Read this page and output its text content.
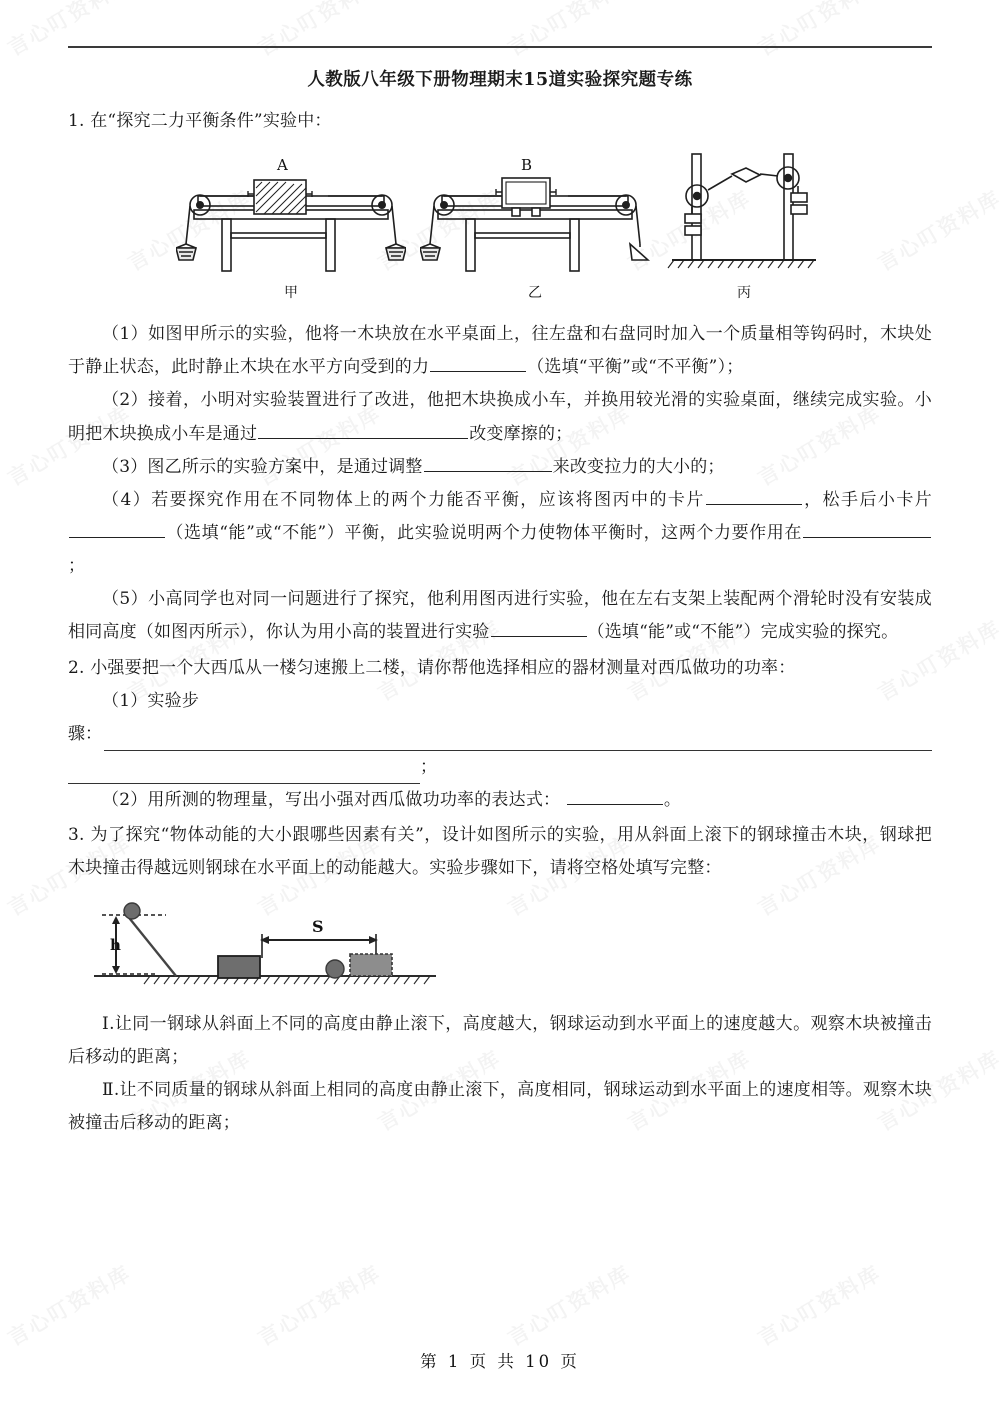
人教版八年级下册物理期末15道实验探究题专练

1. 在“探究二力平衡条件”实验中：

A
甲
B
乙	丙

（1）如图甲所示的实验，他将一木块放在水平桌面上，往左盘和右盘同时加入一个质量相等钩码时，木块处于静止状态，此时静止木块在水平方向受到的力	（选填“平衡”或“不平衡”）；

（2）接着，小明对实验装置进行了改进，他把木块换成小车，并换用较光滑的实验桌面，继续完成实验。小明把木块换成小车是通过	改变摩擦的；

（3）图乙所示的实验方案中，是通过调整	来改变拉力的大小的；

（4）若要探究作用在不同物体上的两个力能否平衡，应该将图丙中的卡片	，松手后小卡片（选填“能”或“不能”）平衡，此实验说明两个力使物体平衡时，这两个力要作用在；

（5）小高同学也对同一问题进行了探究，他利用图丙进行实验，他在左右支架上装配两个滑轮时没有安装成相同高度（如图丙所示），你认为用小高的装置进行实验	（选填“能”或“不能”）完成实验的探究。

2. 小强要把一个大西瓜从一楼匀速搬上二楼，请你帮他选择相应的器材测量对西瓜做功的功率：

（1）实验步

骤：
；

（2）用所测的物理量，写出小强对西瓜做功功率的表达式：	。

3. 为了探究“物体动能的大小跟哪些因素有关”，设计如图所示的实验，用从斜面上滚下的钢球撞击木块，钢球把木块撞击得越远则钢球在水平面上的动能越大。实验步骤如下，请将空格处填写完整：

h
S

Ⅰ.让同一钢球从斜面上不同的高度由静止滚下，高度越大，钢球运动到水平面上的速度越大。观察木块被撞击后移动的距离；

Ⅱ.让不同质量的钢球从斜面上相同的高度由静止滚下，高度相同，钢球运动到水平面上的速度相等。观察木块被撞击后移动的距离；

第 1 页 共 10 页
